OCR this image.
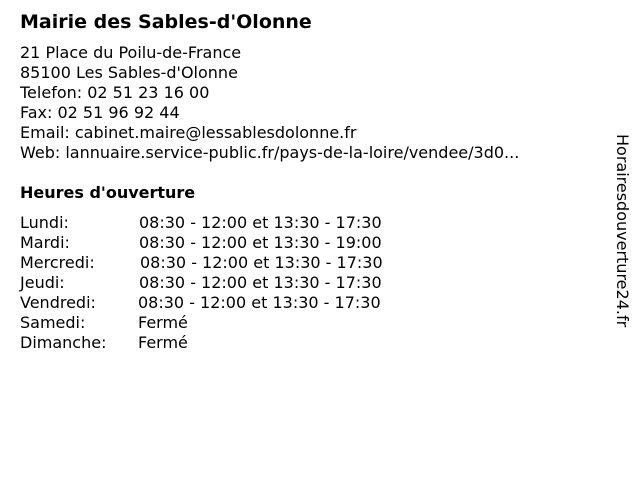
Mairie des Sables-d'Olonne
21 Place du Poilu-de-France
85100 Les Sables-d'Olonne
Telefon: 02 51 23 16 00
Fax: 02 51 96 92 44
Email: cabinet.maire@lessablesdolonne.fr
Web: lannuaire.service-public.fr/pays-de-la-loire/vendee/3d0...
Heures d'ouverture
Lundi:	08:30 - 12:00 et 13:30 - 17:30
Mardi:	08:30 - 12:00 et 13:30 - 19:00
Mercredi:	08:30 - 12:00 et 13:30 - 17:30
Jeudi:	08:30 - 12:00 et 13:30 - 17:30
Vendredi:	08:30 - 12:00 et 13:30 - 17:30
Samedi:	Fermé
Dimanche: Fermé
Horairesdouverture24.fr
